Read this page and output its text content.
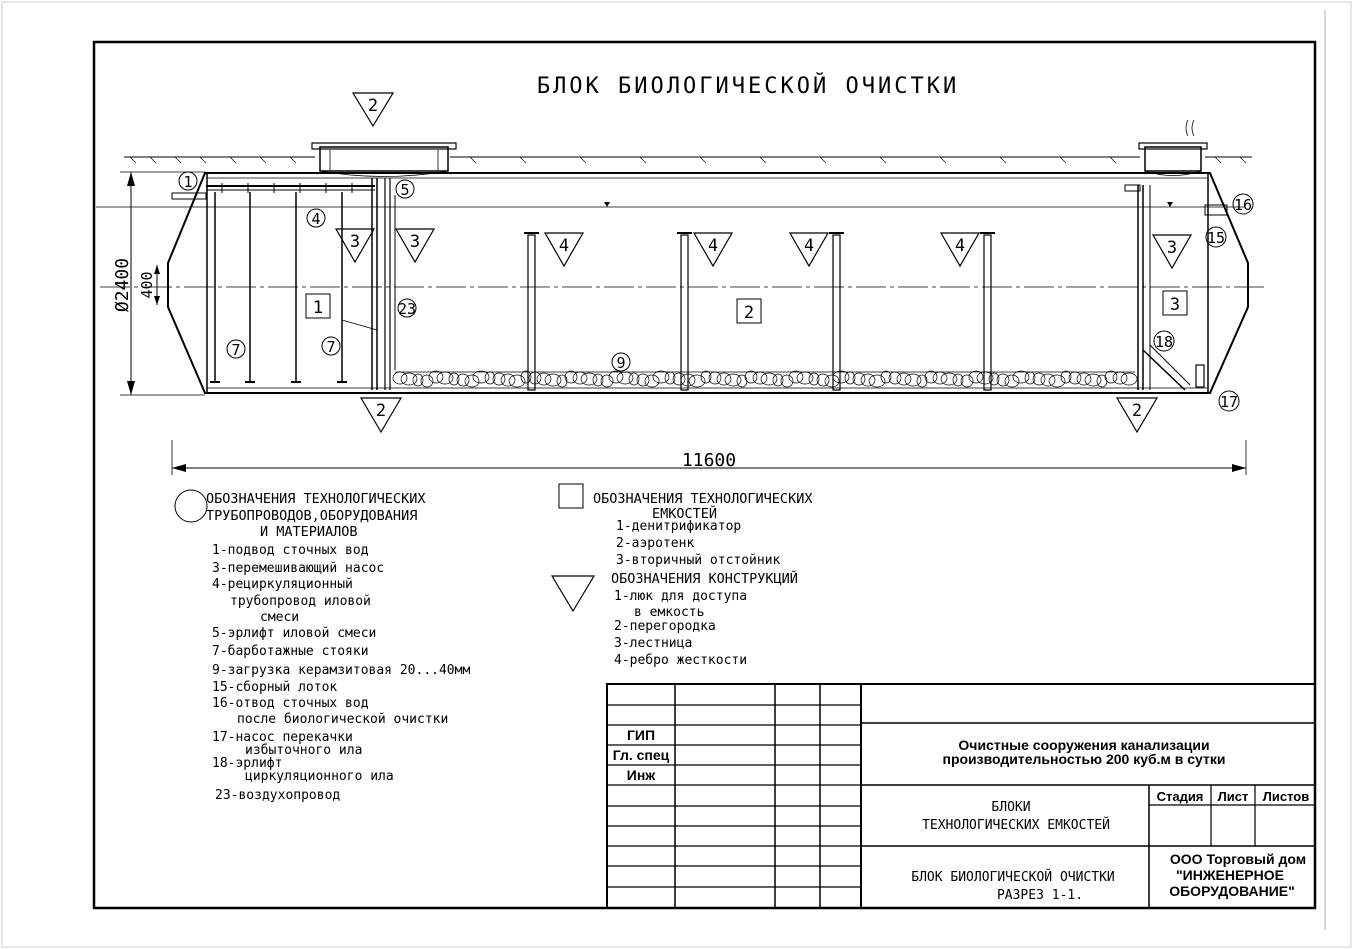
БЛОК БИОЛОГИЧЕСКОЙ ОЧИСТКИ
11600
Ø2400 400
2
2	2
3	3	3
4	4	4	4
1
4
5
7	7
9
15
16
17
18
23
1	2	3
ОБОЗНАЧЕНИЯ ТЕХНОЛОГИЧЕСКИХ
ТРУБОПРОВОДОВ,ОБОРУДОВАНИЯ
И МАТЕРИАЛОВ
1-подвод сточных вод
3-перемешивающий насос
4-рециркуляционный
трубопровод иловой
смеси
5-эрлифт иловой смеси
7-барботажные стояки
9-загрузка керамзитовая 20...40мм
15-сборный лоток
16-отвод сточных вод
после биологической очистки
17-насос перекачки
избыточного ила
18-эрлифт
циркуляционного ила
23-воздухопровод
ОБОЗНАЧЕНИЯ ТЕХНОЛОГИЧЕСКИХ
ЕМКОСТЕЙ
1-денитрификатор
2-аэротенк
3-вторичный отстойник
ОБОЗНАЧЕНИЯ КОНСТРУКЦИЙ
1-люк для доступа
в емкость
2-перегородка
3-лестница
4-ребро жесткости
ГИП
Гл. спец
Инж
Очистные сооружения канализации
производительностью 200 куб.м в сутки
Стадия Лист Листов
БЛОКИ
ТЕХНОЛОГИЧЕСКИХ ЕМКОСТЕЙ
БЛОК БИОЛОГИЧЕСКОЙ ОЧИСТКИ
РАЗРЕЗ 1-1.
ООО Торговый дом
"ИНЖЕНЕРНОЕ
ОБОРУДОВАНИЕ"
